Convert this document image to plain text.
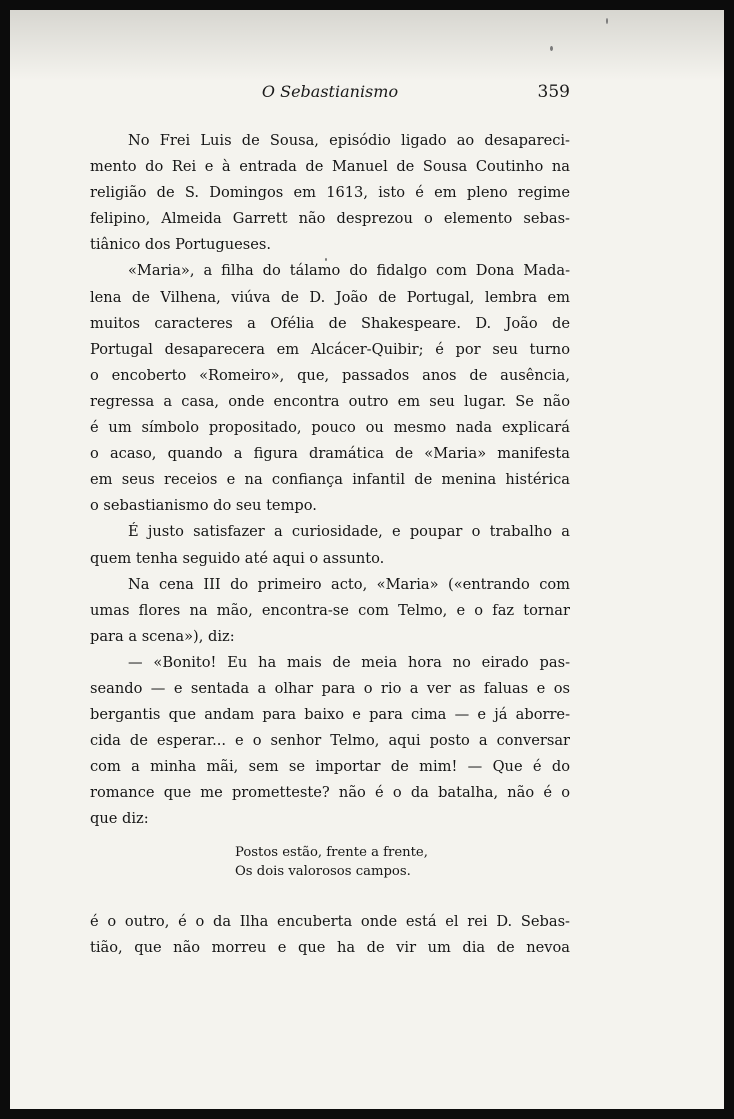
O Sebastianismo	359
No Frei Luis de Sousa, episódio ligado ao desapareci-
mento do Rei e à entrada de Manuel de Sousa Coutinho na
religião de S. Domingos em 1613, isto é em pleno regime
felipino, Almeida Garrett não desprezou o elemento sebas-
tiânico dos Portugueses.
«Maria», a filha do tálamo do fidalgo com Dona Mada-
lena de Vilhena, viúva de D. João de Portugal, lembra em
muitos caracteres a Ofélia de Shakespeare. D. João de
Portugal desaparecera em Alcácer-Quibir; é por seu turno
o encoberto «Romeiro», que, passados anos de ausência,
regressa a casa, onde encontra outro em seu lugar. Se não
é um símbolo propositado, pouco ou mesmo nada explicará
o acaso, quando a figura dramática de «Maria» manifesta
em seus receios e na confiança infantil de menina histérica
o sebastianismo do seu tempo.
É justo satisfazer a curiosidade, e poupar o trabalho a
quem tenha seguido até aqui o assunto.
Na cena III do primeiro acto, «Maria» («entrando com
umas flores na mão, encontra-se com Telmo, e o faz tornar
para a scena»), diz:
— «Bonito! Eu ha mais de meia hora no eirado pas-
seando — e sentada a olhar para o rio a ver as faluas e os
bergantis que andam para baixo e para cima — e já aborre-
cida de esperar... e o senhor Telmo, aqui posto a conversar
com a minha mãi, sem se importar de mim! — Que é do
romance que me prometteste? não é o da batalha, não é o
que diz:
Postos estão, frente a frente,
Os dois valorosos campos.
é o outro, é o da Ilha encuberta onde está el rei D. Sebas-
tião, que não morreu e que ha de vir um dia de nevoa
